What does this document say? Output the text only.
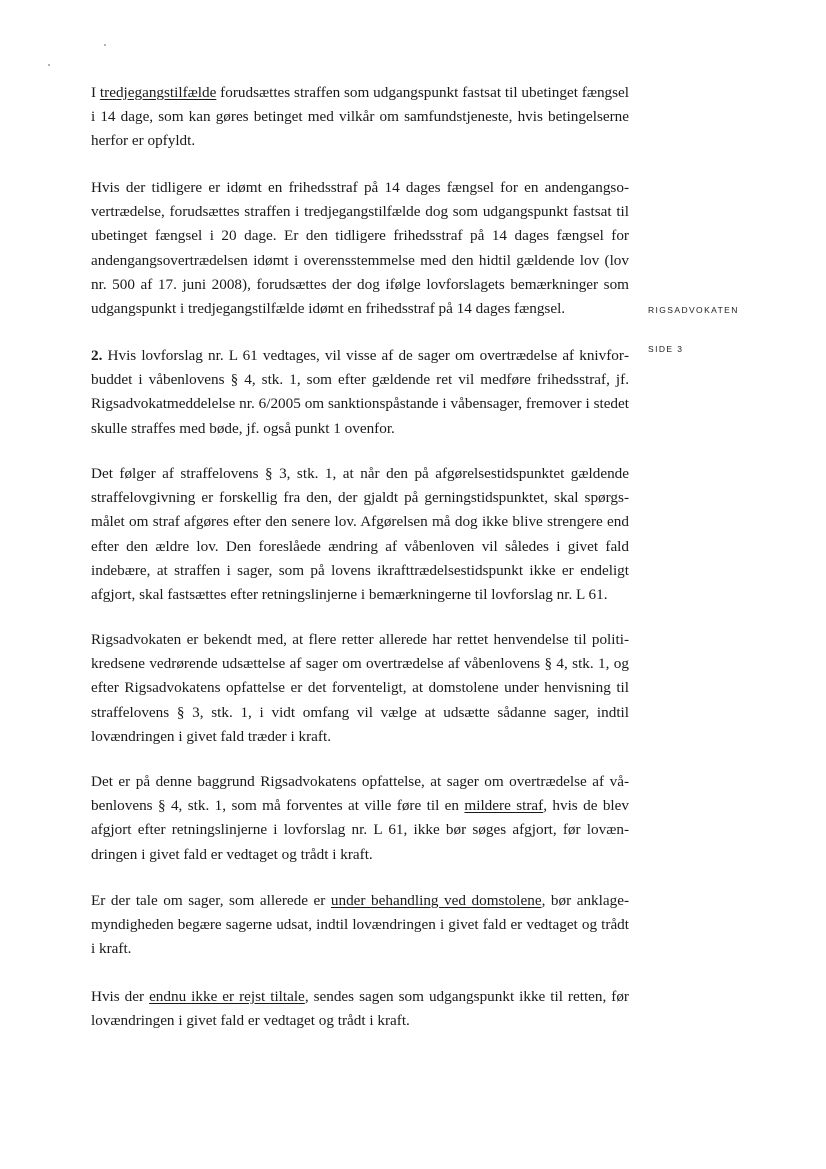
RIGSADVOKATEN
SIDE 3

I tredjegangstilfælde forudsættes straffen som udgangspunkt fastsat til ubetinget fængsel i 14 dage, som kan gøres betinget med vilkår om samfundstjeneste, hvis betingelserne herfor er opfyldt.

Hvis der tidligere er idømt en frihedsstraf på 14 dages fængsel for en andengangsovertrædelse, forudsættes straffen i tredjegangstilfælde dog som udgangspunkt fastsat til ubetinget fængsel i 20 dage. Er den tidligere frihedsstraf på 14 dages fængsel for andengangsovertrædelsen idømt i overensstemmelse med den hidtil gældende lov (lov nr. 500 af 17. juni 2008), forudsættes der dog ifølge lovforslagets bemærkninger som udgangspunkt i tredjegangstilfælde idømt en frihedsstraf på 14 dages fængsel.

2. Hvis lovforslag nr. L 61 vedtages, vil visse af de sager om overtrædelse af knivforbuddet i våbenlovens § 4, stk. 1, som efter gældende ret vil medføre frihedsstraf, jf. Rigsadvokatmeddelelse nr. 6/2005 om sanktionspåstande i våbensager, fremover i stedet skulle straffes med bøde, jf. også punkt 1 ovenfor.

Det følger af straffelovens § 3, stk. 1, at når den på afgørelsestidspunktet gældende straffelovgivning er forskellig fra den, der gjaldt på gerningstidspunktet, skal spørgsmålet om straf afgøres efter den senere lov. Afgørelsen må dog ikke blive strengere end efter den ældre lov. Den foreslåede ændring af våbenloven vil således i givet fald indebære, at straffen i sager, som på lovens ikrafttrædelsestidspunkt ikke er endeligt afgjort, skal fastsættes efter retningslinjerne i bemærkningerne til lovforslag nr. L 61.

Rigsadvokaten er bekendt med, at flere retter allerede har rettet henvendelse til politikredsene vedrørende udsættelse af sager om overtrædelse af våbenlovens § 4, stk. 1, og efter Rigsadvokatens opfattelse er det forventeligt, at domstolene under henvisning til straffelovens § 3, stk. 1, i vidt omfang vil vælge at udsætte sådanne sager, indtil lovændringen i givet fald træder i kraft.

Det er på denne baggrund Rigsadvokatens opfattelse, at sager om overtrædelse af våbenlovens § 4, stk. 1, som må forventes at ville føre til en mildere straf, hvis de blev afgjort efter retningslinjerne i lovforslag nr. L 61, ikke bør søges afgjort, før lovændringen i givet fald er vedtaget og trådt i kraft.

Er der tale om sager, som allerede er under behandling ved domstolene, bør anklagemyndigheden begære sagerne udsat, indtil lovændringen i givet fald er vedtaget og trådt i kraft.

Hvis der endnu ikke er rejst tiltale, sendes sagen som udgangspunkt ikke til retten, før lovændringen i givet fald er vedtaget og trådt i kraft.
